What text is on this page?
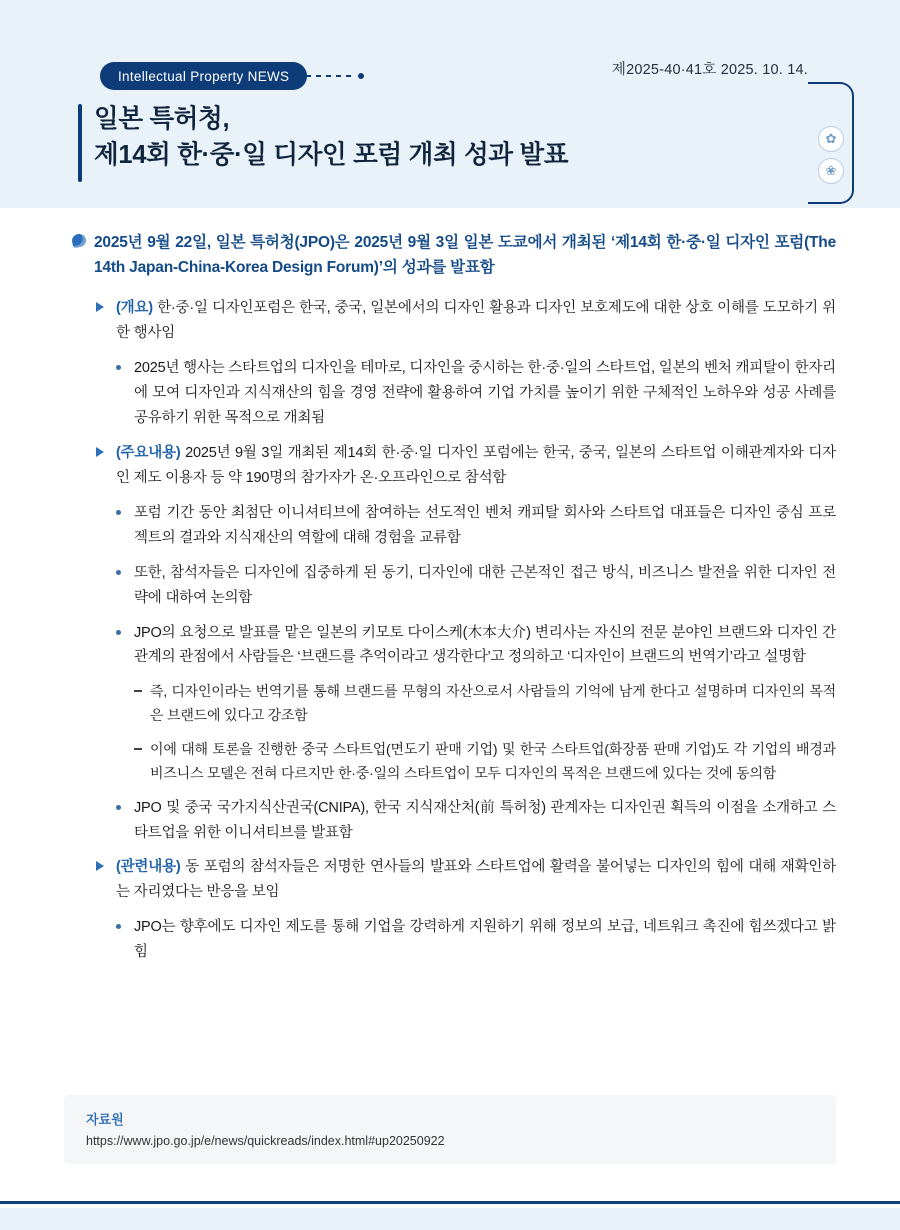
Intellectual Property NEWS	제2025-40·41호 2025. 10. 14.
일본 특허청,
제14회 한·중·일 디자인 포럼 개최 성과 발표
✿
❀
2025년 9월 22일, 일본 특허청(JPO)은 2025년 9월 3일 일본 도쿄에서 개최된 ‘제14회 한·중·일 디자인 포럼(The 14th Japan-China-Korea Design Forum)’의 성과를 발표함
(개요) 한·중·일 디자인포럼은 한국, 중국, 일본에서의 디자인 활용과 디자인 보호제도에 대한 상호 이해를 도모하기 위한 행사임
2025년 행사는 스타트업의 디자인을 테마로, 디자인을 중시하는 한·중·일의 스타트업, 일본의 벤처 캐피탈이 한자리에 모여 디자인과 지식재산의 힘을 경영 전략에 활용하여 기업 가치를 높이기 위한 구체적인 노하우와 성공 사례를 공유하기 위한 목적으로 개최됨
(주요내용) 2025년 9월 3일 개최된 제14회 한·중·일 디자인 포럼에는 한국, 중국, 일본의 스타트업 이해관계자와 디자인 제도 이용자 등 약 190명의 참가자가 온·오프라인으로 참석함
포럼 기간 동안 최첨단 이니셔티브에 참여하는 선도적인 벤처 캐피탈 회사와 스타트업 대표들은 디자인 중심 프로젝트의 결과와 지식재산의 역할에 대해 경험을 교류함
또한, 참석자들은 디자인에 집중하게 된 동기, 디자인에 대한 근본적인 접근 방식, 비즈니스 발전을 위한 디자인 전략에 대하여 논의함
JPO의 요청으로 발표를 맡은 일본의 키모토 다이스케(木本大介) 변리사는 자신의 전문 분야인 브랜드와 디자인 간 관계의 관점에서 사람들은 ‘브랜드를 추억이라고 생각한다’고 정의하고 ‘디자인이 브랜드의 번역기’라고 설명함
즉, 디자인이라는 번역기를 통해 브랜드를 무형의 자산으로서 사람들의 기억에 남게 한다고 설명하며 디자인의 목적은 브랜드에 있다고 강조함
이에 대해 토론을 진행한 중국 스타트업(면도기 판매 기업) 및 한국 스타트업(화장품 판매 기업)도 각 기업의 배경과 비즈니스 모델은 전혀 다르지만 한·중·일의 스타트업이 모두 디자인의 목적은 브랜드에 있다는 것에 동의함
JPO 및 중국 국가지식산권국(CNIPA), 한국 지식재산처(前 특허청) 관계자는 디자인권 획득의 이점을 소개하고 스타트업을 위한 이니셔티브를 발표함
(관련내용) 동 포럼의 참석자들은 저명한 연사들의 발표와 스타트업에 활력을 불어넣는 디자인의 힘에 대해 재확인하는 자리였다는 반응을 보임
JPO는 향후에도 디자인 제도를 통해 기업을 강력하게 지원하기 위해 정보의 보급, 네트워크 촉진에 힘쓰겠다고 밝힘
자료원
https://www.jpo.go.jp/e/news/quickreads/index.html#up20250922
